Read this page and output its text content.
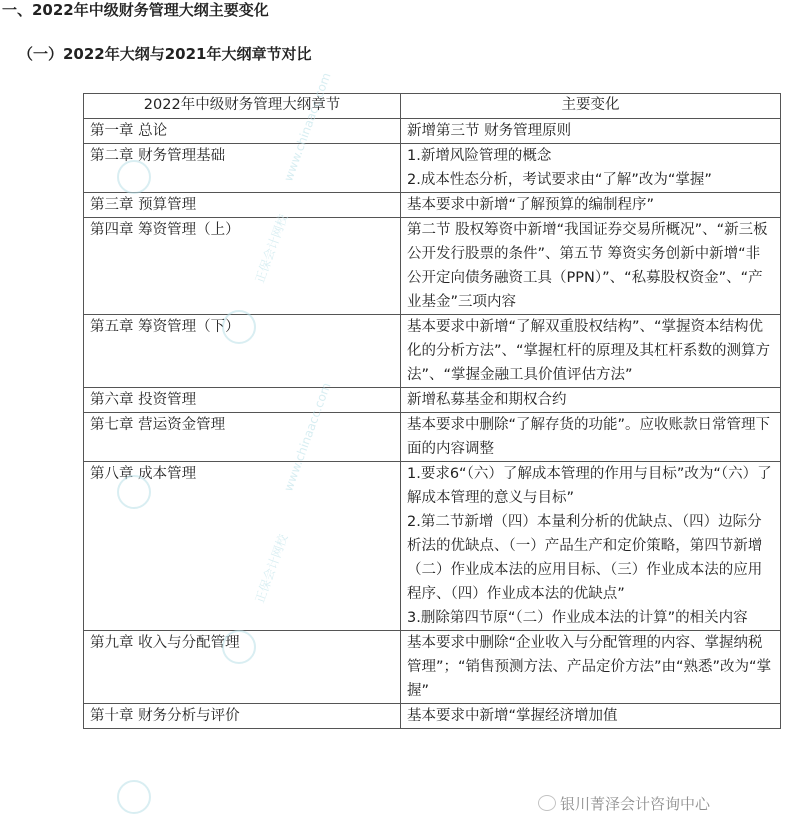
一、2022年中级财务管理大纲主要变化
（一）2022年大纲与2021年大纲章节对比
2022年中级财务管理大纲章节	主要变化
第一章 总论	新增第三节 财务管理原则

第二章 财务管理基础	1.新增风险管理的概念
2.成本性态分析，考试要求由“了解”改为“掌握”

第三章 预算管理	基本要求中新增“了解预算的编制程序”

第四章 筹资管理（上）	第二节 股权筹资中新增“我国证券交易所概况”、“新三板公开发行股票的条件”、第五节 筹资实务创新中新增“非公开定向债务融资工具（PPN）”、“私募股权资金”、“产业基金”三项内容

第五章 筹资管理（下）	基本要求中新增“了解双重股权结构”、“掌握资本结构优化的分析方法”、“掌握杠杆的原理及其杠杆系数的测算方法”、“掌握金融工具价值评估方法”

第六章 投资管理	新增私募基金和期权合约

第七章 营运资金管理	基本要求中删除“了解存货的功能”。应收账款日常管理下面的内容调整

第八章 成本管理	1.要求6“（六）了解成本管理的作用与目标”改为“（六）了解成本管理的意义与目标”
2.第二节新增（四）本量利分析的优缺点、（四）边际分析法的优缺点、（一）产品生产和定价策略，第四节新增（二）作业成本法的应用目标、（三）作业成本法的应用程序、（四）作业成本法的优缺点”
3.删除第四节原“（二）作业成本法的计算”的相关内容

第九章 收入与分配管理	基本要求中删除“企业收入与分配管理的内容、掌握纳税管理”；“销售预测方法、产品定价方法”由“熟悉”改为“掌握”

第十章 财务分析与评价	基本要求中新增“掌握经济增加值
正保会计网校
正保会计网校
www.chinaacc.com
www.chinaacc.com
银川菁泽会计咨询中心
